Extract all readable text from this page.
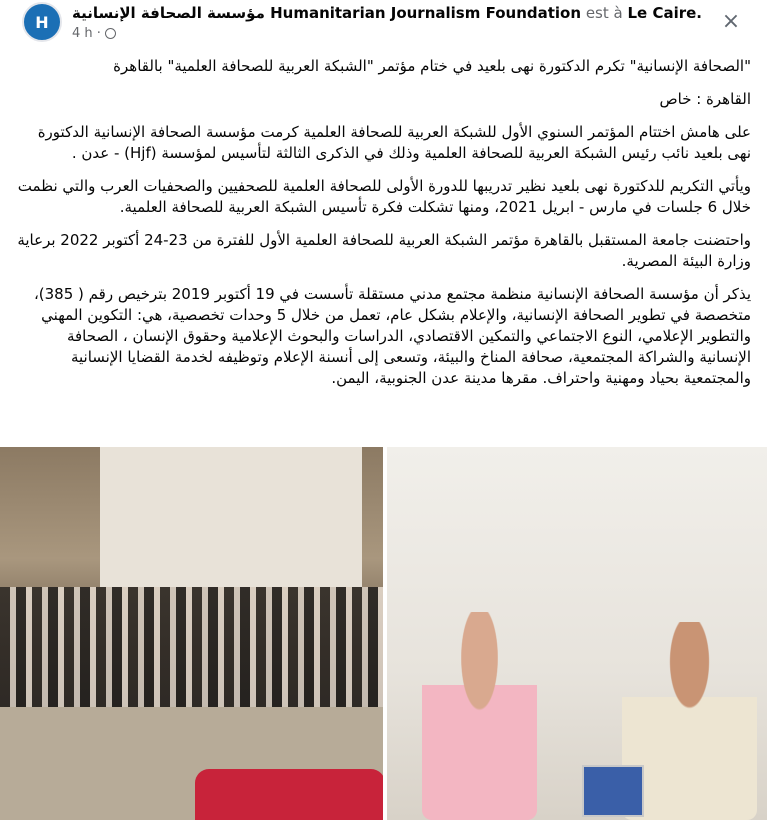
H	مؤسسة الصحافة الإنسانية Humanitarian Journalism Foundation est à Le Caire.
4 h ·	×

"الصحافة الإنسانية" تكرم الدكتورة نهى بلعيد في ختام مؤتمر "الشبكة العربية للصحافة العلمية" بالقاهرة

القاهرة : خاص

على هامش اختتام المؤتمر السنوي الأول للشبكة العربية للصحافة العلمية كرمت مؤسسة الصحافة الإنسانية الدكتورة نهى بلعيد نائب رئيس الشبكة العربية للصحافة العلمية وذلك في الذكرى الثالثة لتأسيس لمؤسسة (Hjf) - عدن .

ويأتي التكريم للدكتورة نهى بلعيد نظير تدريبها للدورة الأولى للصحافة العلمية للصحفيين والصحفيات العرب والتي نظمت خلال 6 جلسات في مارس - ابريل 2021، ومنها تشكلت فكرة تأسيس الشبكة العربية للصحافة العلمية.

واحتضنت جامعة المستقبل بالقاهرة مؤتمر الشبكة العربية للصحافة العلمية الأول للفترة من 23-24 أكتوبر 2022 برعاية وزارة البيئة المصرية.

يذكر أن مؤسسة الصحافة الإنسانية منظمة مجتمع مدني مستقلة تأسست في 19 أكتوبر 2019 بترخيص رقم ( 385)، متخصصة في تطوير الصحافة الإنسانية، والإعلام بشكل عام، تعمل من خلال 5 وحدات تخصصية، هي: التكوين المهني والتطوير الإعلامي، النوع الاجتماعي والتمكين الاقتصادي، الدراسات والبحوث الإعلامية وحقوق الإنسان ، الصحافة الإنسانية والشراكة المجتمعية، صحافة المناخ والبيئة، وتسعى إلى أنسنة الإعلام وتوظيفه لخدمة القضايا الإنسانية والمجتمعية بحياد ومهنية واحتراف. مقرها مدينة عدن الجنوبية، اليمن.
